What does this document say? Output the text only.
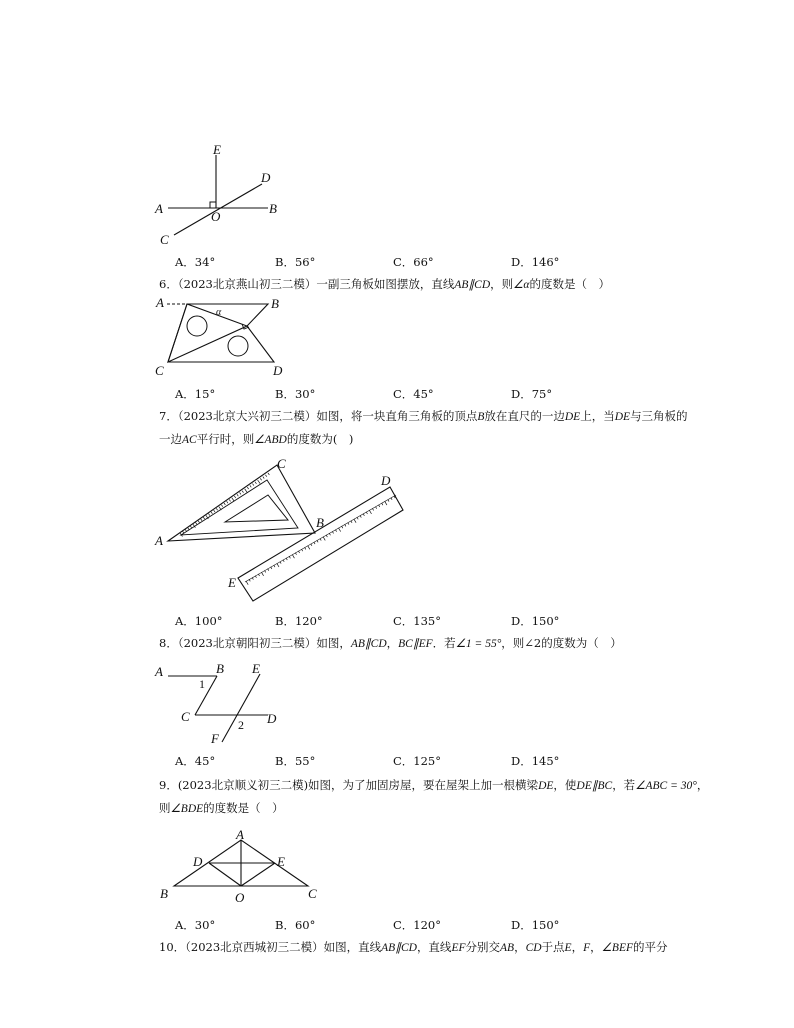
E
D
A
O
B
C
A．34°	B．56°	C．66°	D．146°
6．（2023北京燕山初三二模）一副三角板如图摆放，直线AB∥CD，则∠α的度数是（　）
A	B
α
C	D
A．15°	B．30°	C．45°	D．75°
7．（2023北京大兴初三二模）如图，将一块直角三角板的顶点B放在直尺的一边DE上，当DE与三角板的
一边AC平行时，则∠ABD的度数为(　)
A
C
B
D
E
A．100°	B．120°	C．135°	D．150°
8．（2023北京朝阳初三二模）如图，AB∥CD，BC∥EF．若∠1 = 55°，则∠2的度数为（　）
A	B E
1
C
2 D
F
A．45°	B．55°	C．125°	D．145°
9．(2023北京顺义初三二模)如图，为了加固房屋，要在屋架上加一根横梁DE，使DE∥BC，若∠ABC = 30°，
则∠BDE的度数是（　）
A
D	E
B	O	C
A．30°	B．60°	C．120°	D．150°
10．（2023北京西城初三二模）如图，直线AB∥CD，直线EF分别交AB，CD于点E，F，∠BEF的平分
